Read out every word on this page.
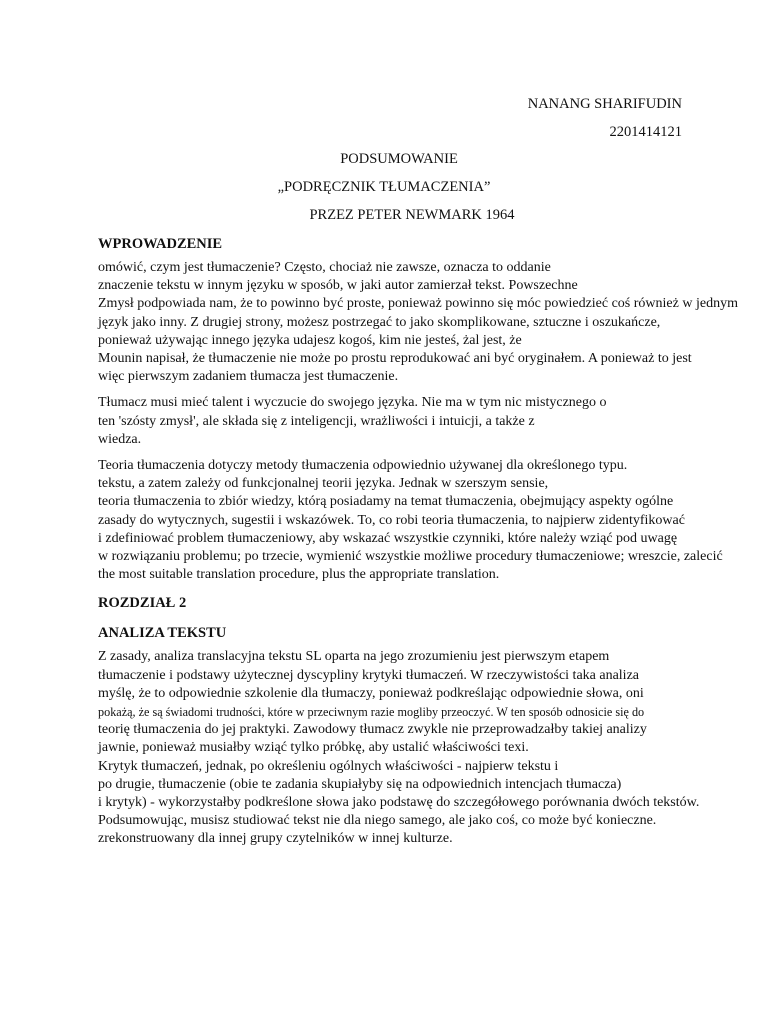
NANANG SHARIFUDIN
2201414121
PODSUMOWANIE
„PODRĘCZNIK TŁUMACZENIA”
PRZEZ PETER NEWMARK 1964
WPROWADZENIE
omówić, czym jest tłumaczenie? Często, chociaż nie zawsze, oznacza to oddanie
znaczenie tekstu w innym języku w sposób, w jaki autor zamierzał tekst. Powszechne
Zmysł podpowiada nam, że to powinno być proste, ponieważ powinno się móc powiedzieć coś również w jednym
język jako inny. Z drugiej strony, możesz postrzegać to jako skomplikowane, sztuczne i oszukańcze,
ponieważ używając innego języka udajesz kogoś, kim nie jesteś, żal jest, że
Mounin napisał, że tłumaczenie nie może po prostu reprodukować ani być oryginałem. A ponieważ to jest
więc pierwszym zadaniem tłumacza jest tłumaczenie.
Tłumacz musi mieć talent i wyczucie do swojego języka. Nie ma w tym nic mistycznego o
ten 'szósty zmysł', ale składa się z inteligencji, wrażliwości i intuicji, a także z
wiedza.
Teoria tłumaczenia dotyczy metody tłumaczenia odpowiednio używanej dla określonego typu.
tekstu, a zatem zależy od funkcjonalnej teorii języka. Jednak w szerszym sensie,
teoria tłumaczenia to zbiór wiedzy, którą posiadamy na temat tłumaczenia, obejmujący aspekty ogólne
zasady do wytycznych, sugestii i wskazówek. To, co robi teoria tłumaczenia, to najpierw zidentyfikować
i zdefiniować problem tłumaczeniowy, aby wskazać wszystkie czynniki, które należy wziąć pod uwagę
w rozwiązaniu problemu; po trzecie, wymienić wszystkie możliwe procedury tłumaczeniowe; wreszcie, zalecić
the most suitable translation procedure, plus the appropriate translation.
ROZDZIAŁ 2
ANALIZA TEKSTU
Z zasady, analiza translacyjna tekstu SL oparta na jego zrozumieniu jest pierwszym etapem
tłumaczenie i podstawy użytecznej dyscypliny krytyki tłumaczeń. W rzeczywistości taka analiza
myślę, że to odpowiednie szkolenie dla tłumaczy, ponieważ podkreślając odpowiednie słowa, oni
pokażą, że są świadomi trudności, które w przeciwnym razie mogliby przeoczyć. W ten sposób odnosicie się do
teorię tłumaczenia do jej praktyki. Zawodowy tłumacz zwykle nie przeprowadzałby takiej analizy
jawnie, ponieważ musiałby wziąć tylko próbkę, aby ustalić właściwości texi.
Krytyk tłumaczeń, jednak, po określeniu ogólnych właściwości - najpierw tekstu i
po drugie, tłumaczenie (obie te zadania skupiałyby się na odpowiednich intencjach tłumacza)
i krytyk) - wykorzystałby podkreślone słowa jako podstawę do szczegółowego porównania dwóch tekstów.
Podsumowując, musisz studiować tekst nie dla niego samego, ale jako coś, co może być konieczne.
zrekonstruowany dla innej grupy czytelników w innej kulturze.
